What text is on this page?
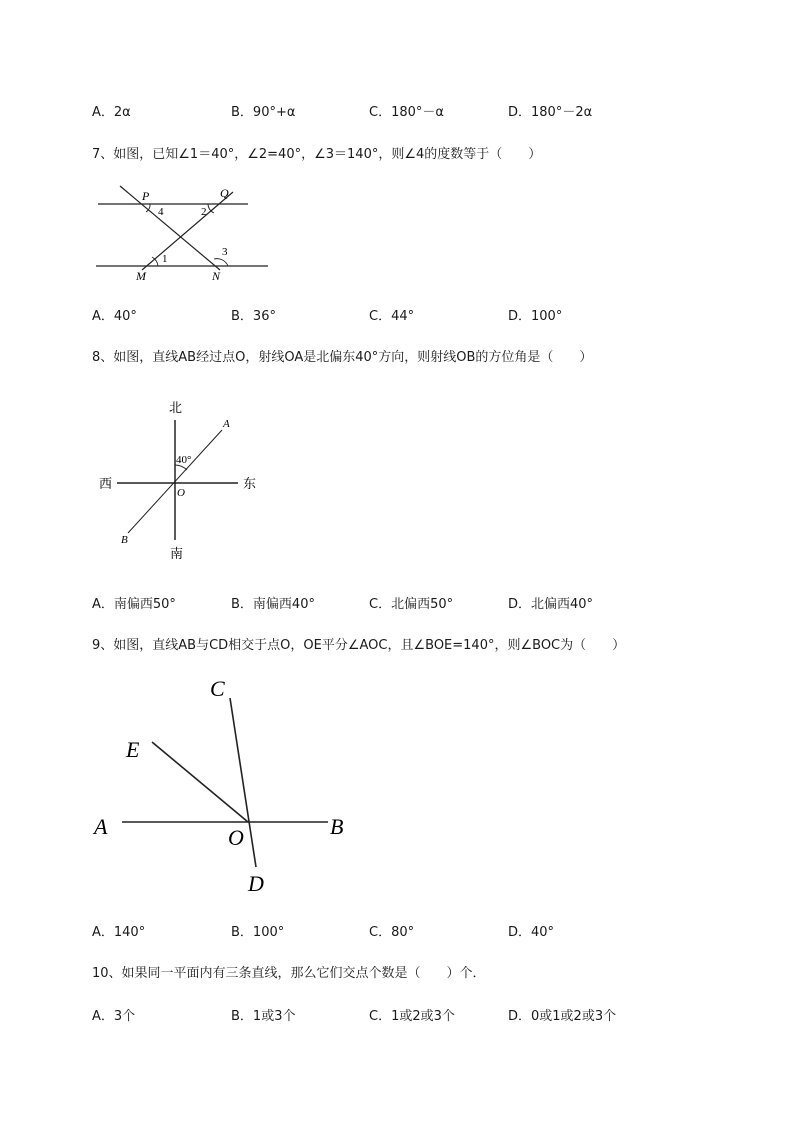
A．2α	B．90°+α	C．180°－α	D．180°－2α
7、如图，已知∠1＝40°，∠2=40°，∠3＝140°，则∠4的度数等于（　　）
P	Q
M	N
1
2
3
4
A．40°	B．36°	C．44°	D．100°
8、如图，直线AB经过点O，射线OA是北偏东40°方向，则射线OB的方位角是（　　）
北
南
西	东
A
B
O
40°
A．南偏西50°	B．南偏西40°	C．北偏西50°	D．北偏西40°
9、如图，直线AB与CD相交于点O，OE平分∠AOC，且∠BOE=140°，则∠BOC为（　　）
C
E
A	O	B
D
A．140°	B．100°	C．80°	D．40°
10、如果同一平面内有三条直线，那么它们交点个数是（　　）个．
A．3个	B．1或3个	C．1或2或3个	D．0或1或2或3个
